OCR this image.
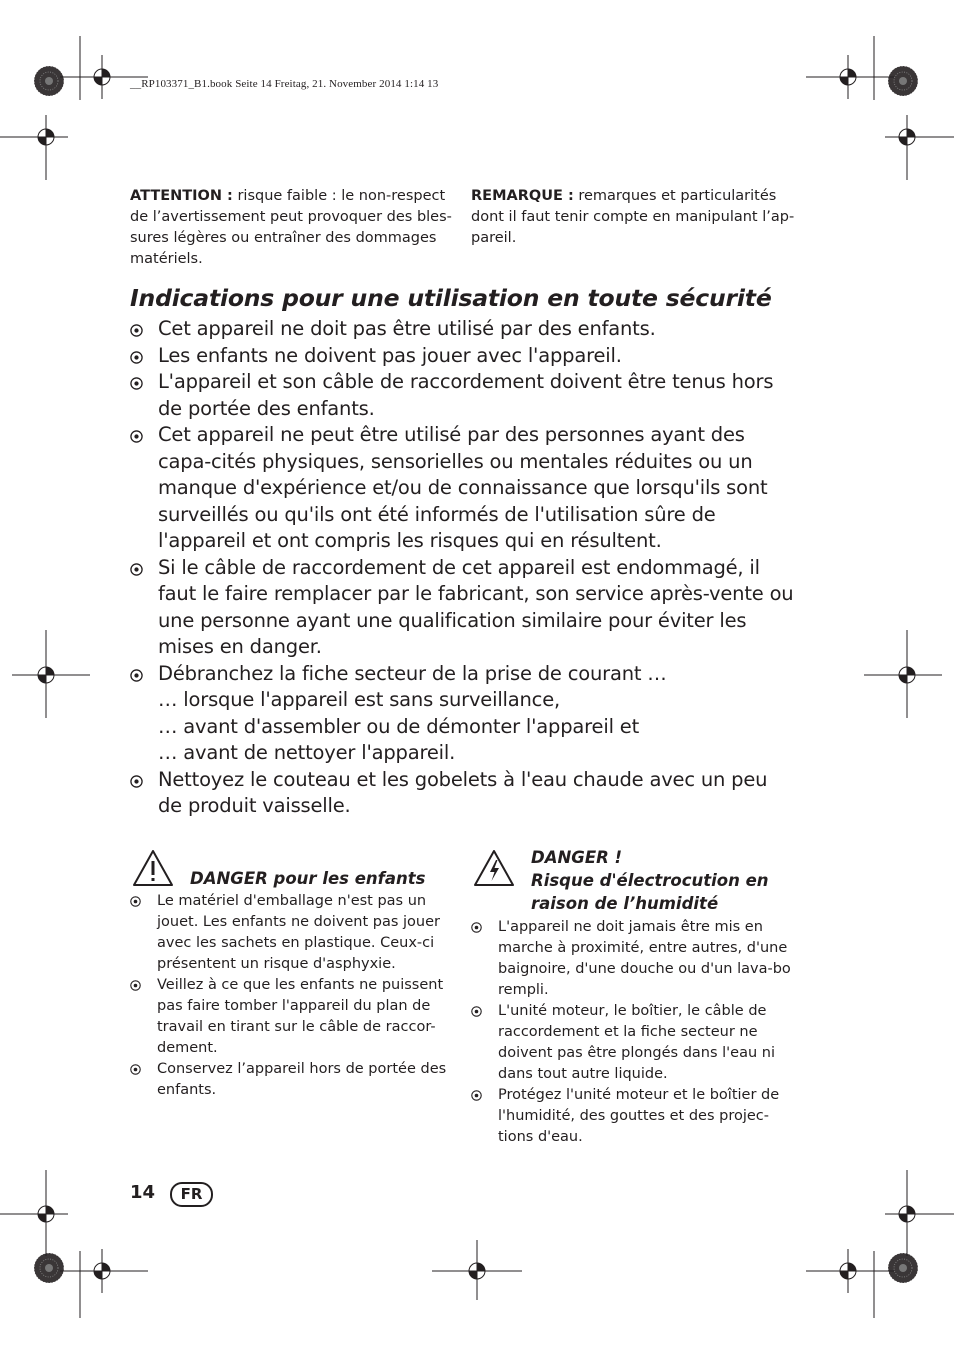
__RP103371_B1.book Seite 14 Freitag, 21. November 2014 1:14 13
ATTENTION : risque faible : le non-respect de l’avertissement peut provoquer des bles-sures légères ou entraîner des dommages matériels.
REMARQUE : remarques et particularités dont il faut tenir compte en manipulant l’ap-pareil.
Indications pour une utilisation en toute sécurité
Cet appareil ne doit pas être utilisé par des enfants.
Les enfants ne doivent pas jouer avec l'appareil.
L'appareil et son câble de raccordement doivent être tenus hors de portée des enfants.
Cet appareil ne peut être utilisé par des personnes ayant des capa-cités physiques, sensorielles ou mentales réduites ou un manque d'expérience et/ou de connaissance que lorsqu'ils sont surveillés ou qu'ils ont été informés de l'utilisation sûre de l'appareil et ont compris les risques qui en résultent.
Si le câble de raccordement de cet appareil est endommagé, il faut le faire remplacer par le fabricant, son service après-vente ou une personne ayant une qualification similaire pour éviter les mises en danger.
Débranchez la fiche secteur de la prise de courant …
… lorsque l'appareil est sans surveillance,
… avant d'assembler ou de démonter l'appareil et
… avant de nettoyer l'appareil.
Nettoyez le couteau et les gobelets à l'eau chaude avec un peu de produit vaisselle.
DANGER pour les enfants
Le matériel d'emballage n'est pas un jouet. Les enfants ne doivent pas jouer avec les sachets en plastique. Ceux-ci présentent un risque d'asphyxie.
Veillez à ce que les enfants ne puissent pas faire tomber l'appareil du plan de travail en tirant sur le câble de raccor-dement.
Conservez l’appareil hors de portée des enfants.
DANGER !
Risque d'électrocution en
raison de l’humidité
L'appareil ne doit jamais être mis en marche à proximité, entre autres, d'une baignoire, d'une douche ou d'un lava-bo rempli.
L'unité moteur, le boîtier, le câble de raccordement et la fiche secteur ne doivent pas être plongés dans l'eau ni dans tout autre liquide.
Protégez l'unité moteur et le boîtier de l'humidité, des gouttes et des projec-tions d'eau.
14	FR
